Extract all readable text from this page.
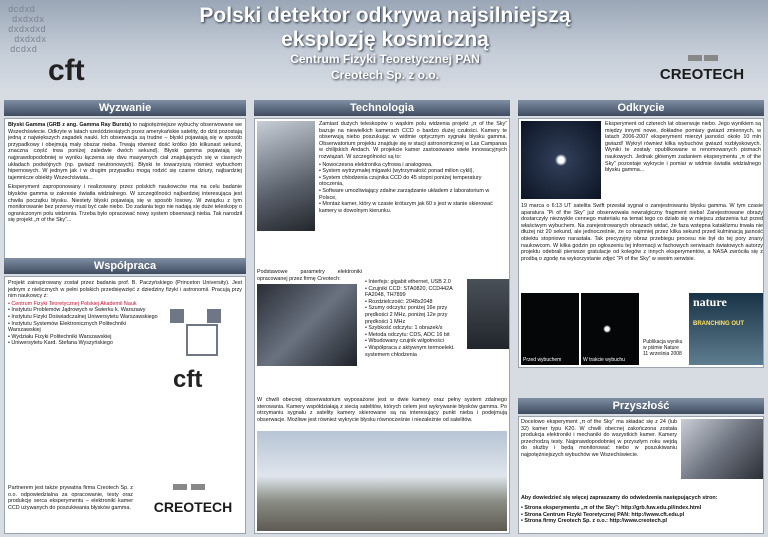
dcdxd
dxdxdx
dxdxdxd
dxdxdx
dcdxd
cft
Polski detektor odkrywa najsilniejszą
eksplozję kosmiczną
Centrum Fizyki Teoretycznej PAN
Creotech Sp. z o.o.	CREOTECH
Wyzwanie

Błyski Gamma (GRB z ang. Gamma Ray Bursts) to najpotężniejsze wybuchy obserwowane we Wszechświecie. Odkryte w latach sześćdziesiątych przez amerykańskie satelity, do dziś pozostają jedną z największych zagadek nauki. Ich obserwacja są trudne – błyski pojawiają się w sposób przypadkowy i obejmują mały obszar nieba. Trwają również dość krótko (do kilkunast sekund, znaczna część trwa poniżej zaledwie dwóch sekund). Błyski gamma pojawiają się najprawdopodobniej w wyniku łączenia się dwu masywnych ciał znajdujących się w ciasnych układach podwójnych (np. gwiazd neutronowych). Błyski te towarzyszą również wybuchom hipernowych. W jednym jak i w drugim przypadku mogą rodzić się czarne dziury, najbardziej tajemnicze obiekty Wszechświata...

Eksperyment zaproponowany i realizowany przez polskich naukowców ma na celu badanie błysków gamma w zakresie światła widzialnego. W szczególności najbardziej interesująca jest chwila początku błysku. Niestety błyski pojawiają się w sposób losowy. W związku z tym monitorowanie bez przerwy musi być całe niebo. Do zadania tego nie nadają się duże teleskopy o ograniczonym polu widzenia. Trzeba było opracować nowy system obserwacji nieba. Tak narodził się projekt „π of the Sky”...

Współpraca

Projekt zainspirowany został przez badania prof. B. Paczyńskiego (Princeton University). Jest jednym z nielicznych w pełni polskich przedsięwzięć z dziedziny fizyki i astronomii. Pracują przy nim naukowcy z:

• Centrum Fizyki Teoretycznej Polskiej Akademii Nauk
• Instytutu Problemów Jądrowych w Świerku k. Warszawy
• Instytutu Fizyki Doświadczalnej Uniwersytetu Warszawskiego
• Instytutu Systemów Elektronicznych Politechniki Warszawskiej
• Wydziału Fizyki Politechniki Warszawskiej
• Uniwersytetu Kard. Stefana Wyszyńskiego
cft

Partnerem jest także prywatna firma Creotech Sp. z o.o. odpowiedzialna za opracowanie, testy oraz produkcję serca eksperymentu – elektroniki kamer CCD używanych do poszukiwania błysków gamma. CREOTECH
Technologia

Zamiast dużych teleskopów o wąskim polu widzenia projekt „π of the Sky” bazuje na niewielkich kamerach CCD o bardzo dużej czułości. Kamery te obserwują niebo poszukując w widmie optycznym sygnału błysku gamma. Obserwatorium projektu znajduje się w stacji astronomicznej w Las Campanas w chilijskich Andach. W projekcie kamer zastosowano wiele innowacyjnych rozwiązań. W szczególności są to:

• Nowoczesna elektronika cyfrowa i analogowa,
• System wytrzymałej migawki (wytrzymałość ponad milion cykli),
• System chłodzenia czujnika CCD do 45 stopni poniżej temperatury otoczenia,
• Software umożliwiający zdalne zarządzanie układem z laboratorium w Polsce,
• Montaż kamer, który w czasie krótszym jak 60 s jest w stanie skierować kamery w dowolnym kierunku.

Podstawowe parametry elektroniki opracowanej przez firmę Creotech:

• Interfejs: gigabit ethernet, USB 2.0
• Czujniki CCD: STA0820, CCD442A FA2048, TH7899
• Rozdzielczość: 2048x2048
• Szumy odczytu: poniżej 16e przy prędkości 2 MHz, poniżej 12e przy prędkości 1 MHz
• Szybkość odczytu: 1 obrazek/s
• Metoda odczytu: CDS, ADC 16 bit
• Wbudowany czujnik wilgotności
• Współpraca z aktywnym termoelekt. systemem chłodzenia

W chwili obecnej obserwatorium wyposażone jest w dwie kamery oraz pełny system zdalnego sterowania. Kamery współdziałają z siecią satelitów, których celem jest wykrywanie błysków gamma. Po otrzymaniu sygnału z satelity kamery skierowane są na interesujący punkt nieba i podejmują obserwacje. Możliwe jest również wykrycie błysku równocześnie i niezależnie od satelitów.

Odkrycie

Eksperyment od czterech lat obserwuje niebo. Jego wynikiem są między innymi nowe, dokładne pomiary gwiazd zmiennych, w latach 2006-2007 eksperyment mierzył jasności około 10 mln gwiazd! Wykrył również kilka wybuchów gwiazd rozbłyskowych. Wyniki te zostały opublikowane w renomowanych pismach naukowych. Jednak głównym zadaniem eksperymentu „π of the Sky” pozostaje wykrycie i pomiar w widmie światła widzialnego błysku gamma...

19 marca o 6:13 UT satelita Swift przesłał sygnał o zarejestrowaniu błysku gamma. W tym czasie aparatura “Pi of the Sky” już obserwowała newralgiczny fragment nieba! Zarejestrowane obrazy dostarczyły niezwykle cennego materiału na temat tego co działo się w miejscu zdarzenia tuż przed właściwym wybuchem. Na zarejestrowanych obrazach widać, że faza wstępna kataklizmu trwała nie dłużej niż 20 sekund, ale jednocześnie, że co najmniej przez kilka sekund przed kulminacją jasność obiektu stopniowo narastała. Tak precyzyjny obraz przebiegu procesu nie był do tej pory znany naukowcom. W kilka godzin po ogłoszeniu tej informacji w fachowych serwisach światowych autorzy projektu odebrali pierwsze gratulacje od kolegów z innych eksperymentów, a NASA zwróciła się z prośbą o zgodę na wykorzystanie zdjęć “Pi of the Sky” w swoim serwisie.

Przed wybuchem	W trakcie wybuchu
Publikacja wyniku w piśmie Nature 11 września 2008
nature
BRANCHING OUT
Przyszłość

Docelowo eksperyment „π of the Sky” ma składać się z 24 (lub 32) kamer typu K20. W chwili obecnej zakończona została produkcja elektroniki i mechaniki do wszystkich kamer. Kamery przechodzą testy. Najprawdopodobniej w przyszłym roku wejdą do służby i będą monitorować niebo w poszukiwaniu najpotężniejszych wybuchów we Wszechświecie.

Aby dowiedzieć się więcej zapraszamy do odwiedzenia następujących stron:

• Strona eksperymentu „π of the Sky”: http://grb.fuw.edu.pl/index.html
• Strona Centrum Fizyki Teoretycznej PAN: http://www.cft.edu.pl
• Strona firmy Creotech Sp. z o.o.: http://www.creotech.pl
